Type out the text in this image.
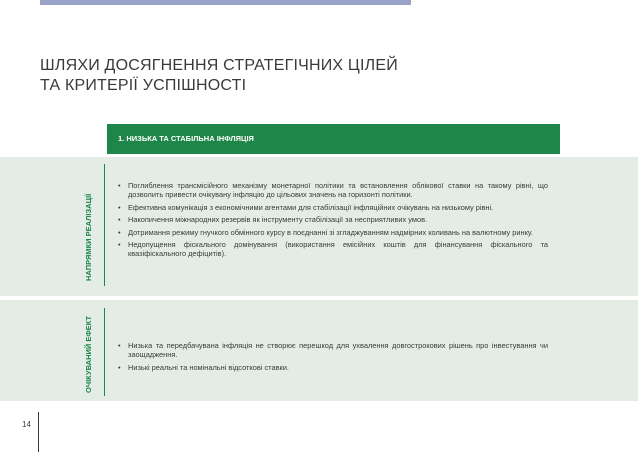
ШЛЯХИ ДОСЯГНЕННЯ СТРАТЕГІЧНИХ ЦІЛЕЙ
ТА КРИТЕРІЇ УСПІШНОСТІ
1. НИЗЬКА ТА СТАБІЛЬНА ІНФЛЯЦІЯ
НАПРЯМКИ РЕАЛІЗАЦІЇ
• Поглиблення трансмісійного механізму монетарної політики та встановлення облікової ставки на такому рівні, що дозволить привести очікувану інфляцію до цільових значень на горизонті політики.
• Ефективна комунікація з економічними агентами для стабілізації інфляційних очікувань на низькому рівні.
• Накопичення міжнародних резервів як інструменту стабілізації за несприятливих умов.
• Дотримання режиму гнучкого обмінного курсу в поєднанні зі згладжуванням надмірних коливань на валютному ринку.
• Недопущення фіскального домінування (використання емісійних коштів для фінансування фіскального та квазіфіскального дефіцитів).
ОЧІКУВАНИЙ ЕФЕКТ
•	Низька та передбачувана інфляція не створює перешкод для ухвалення довгострокових рішень про інвестування чи заощадження.
• Низькі реальні та номінальні відсоткові ставки.
14
